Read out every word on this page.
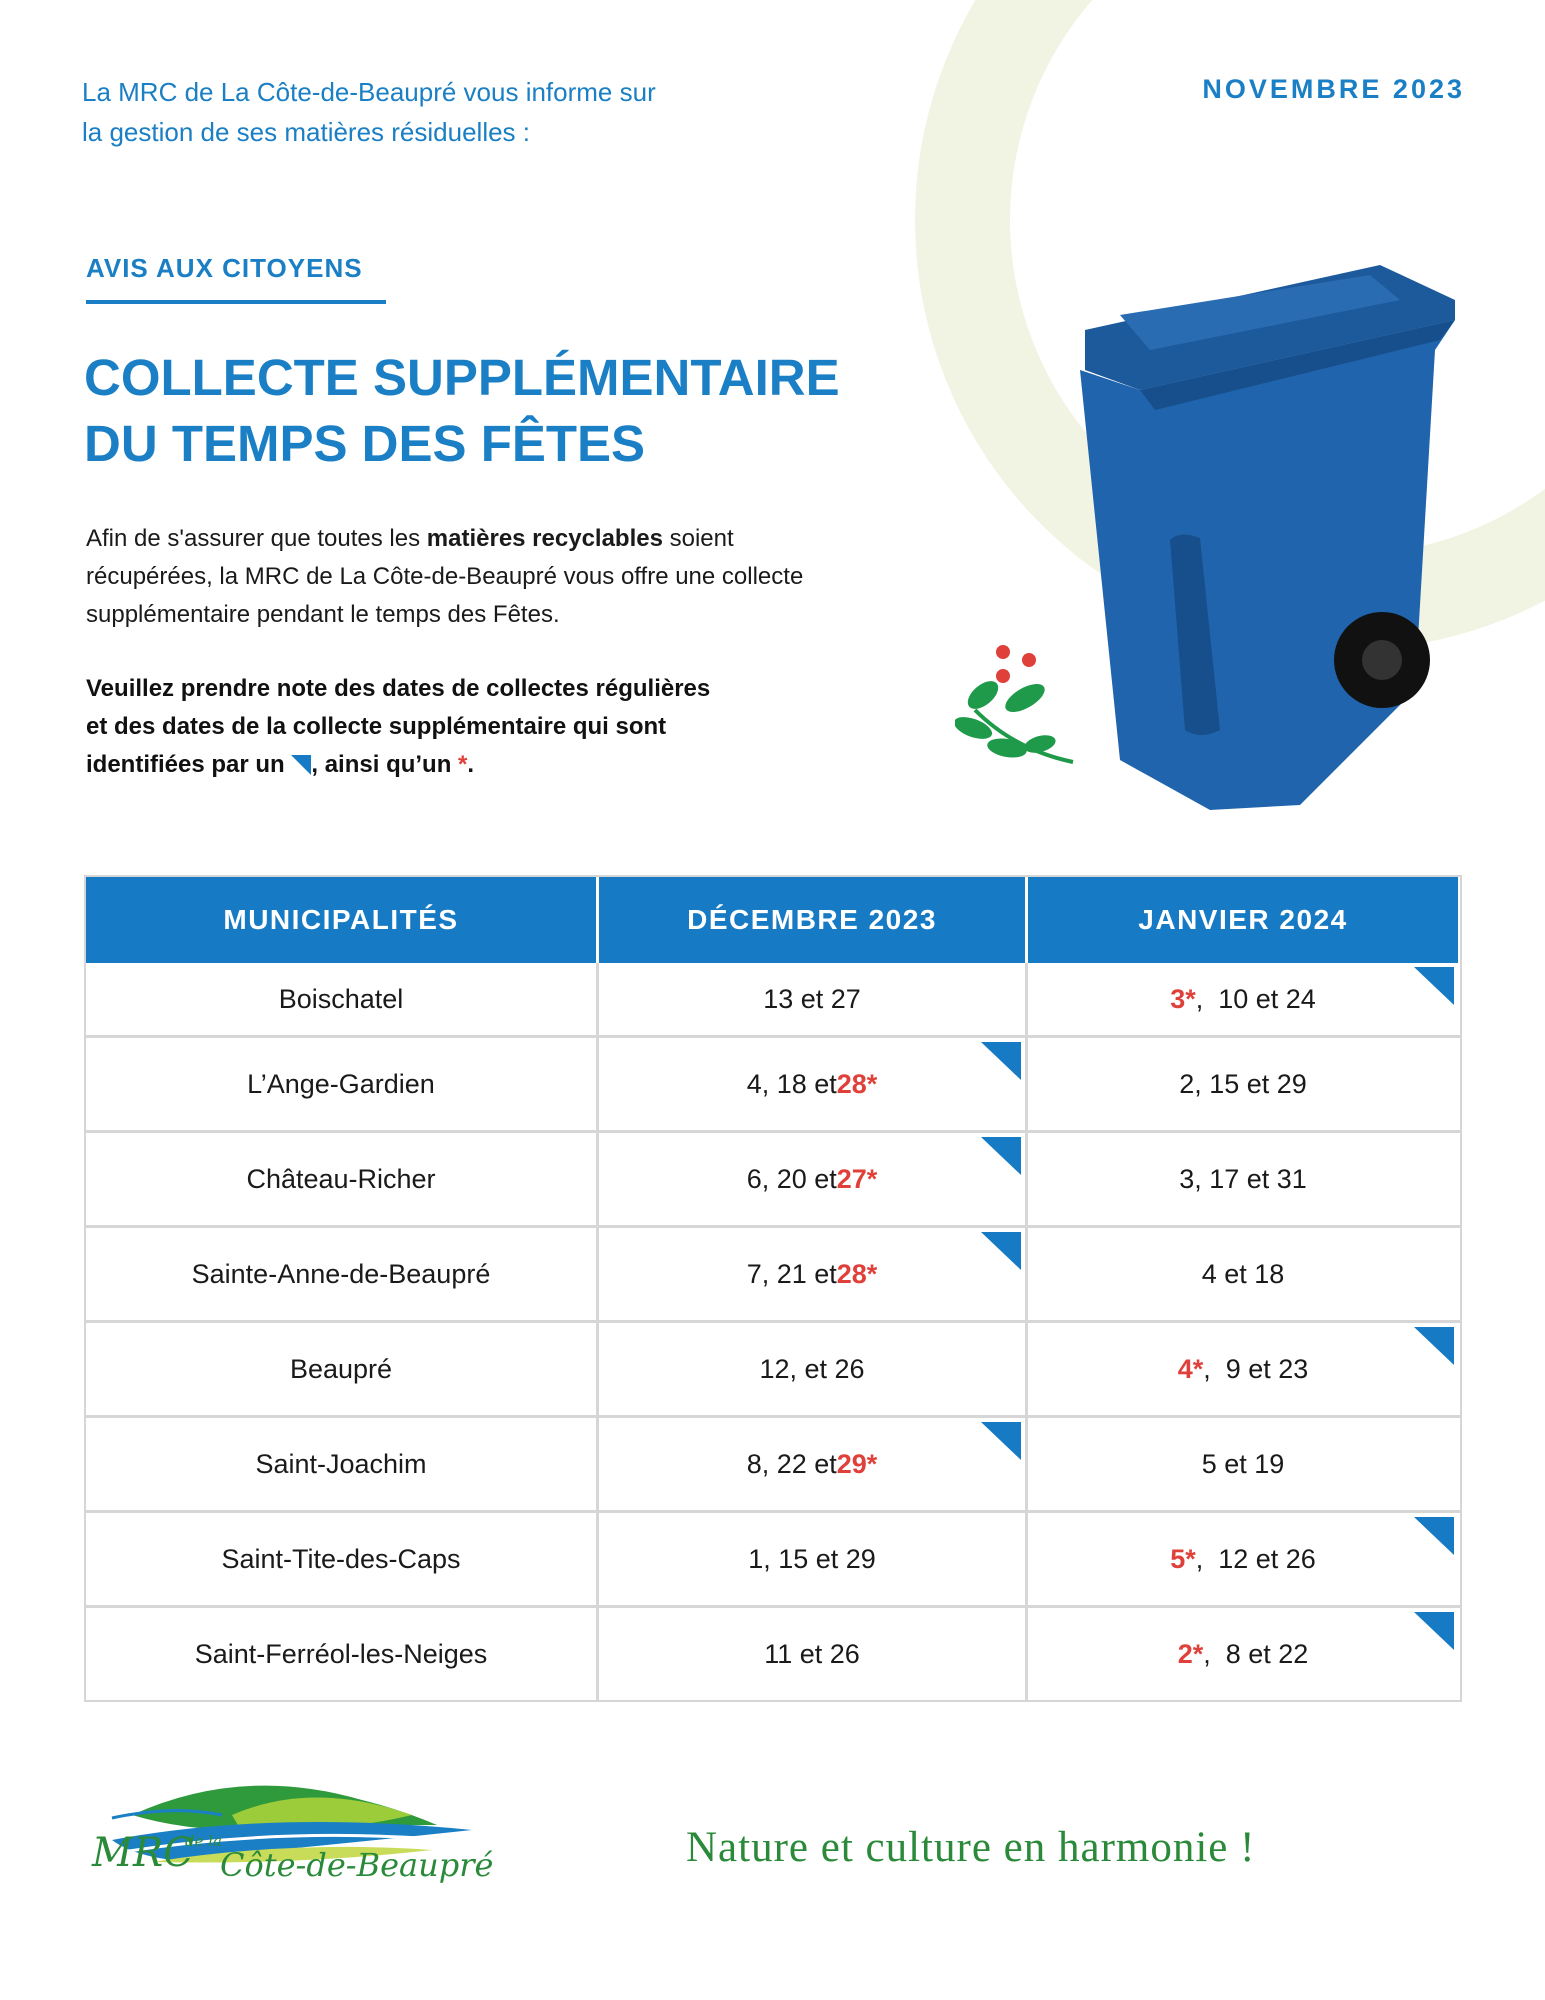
La MRC de La Côte-de-Beaupré vous informe sur
la gestion de ses matières résiduelles :
NOVEMBRE 2023
AVIS AUX CITOYENS
COLLECTE SUPPLÉMENTAIRE
DU TEMPS DES FÊTES

Afin de s'assurer que toutes les matières recyclables soient récupérées, la MRC de La Côte-de-Beaupré vous offre une collecte supplémentaire pendant le temps des Fêtes.

Veuillez prendre note des dates de collectes régulières
et des dates de la collecte supplémentaire qui sont
identifiées par un , ainsi qu’un *.

MUNICIPALITÉS	DÉCEMBRE 2023	JANVIER 2024
Boischatel	13 et 27	3* ,  10 et 24
L’Ange-Gardien	4, 18 et 28*	2, 15 et 29
Château-Richer	6, 20 et 27*	3, 17 et 31
Sainte-Anne-de-Beaupré	7, 21 et 28*	4 et 18
Beaupré	12, et 26	4* ,  9 et 23
Saint-Joachim	8, 22 et 29*	5 et 19
Saint-Tite-des-Caps	1, 15 et 29	5* ,  12 et 26
Saint-Ferréol-les-Neiges	11 et 26	2* ,  8 et 22
MRC
de la
Côte-de-Beaupré	Nature et culture en harmonie !
